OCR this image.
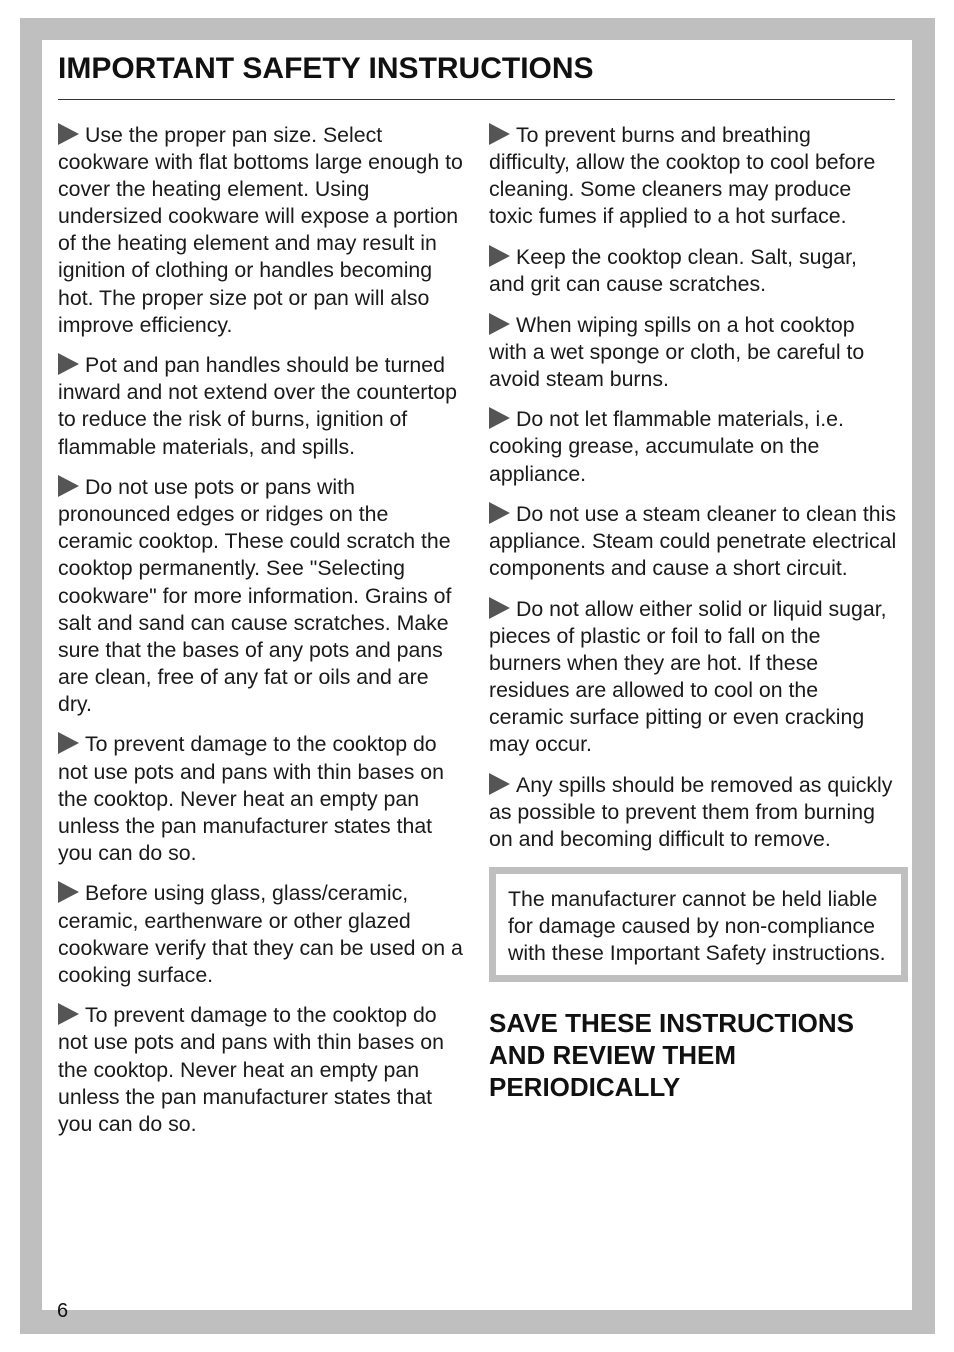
IMPORTANT SAFETY INSTRUCTIONS

Use the proper pan size. Select cookware with flat bottoms large enough to cover the heating element. Using undersized cookware will expose a portion of the heating element and may result in ignition of clothing or handles becoming hot. The proper size pot or pan will also improve efficiency.

Pot and pan handles should be turned inward and not extend over the countertop to reduce the risk of burns, ignition of flammable materials, and spills.

Do not use pots or pans with pronounced edges or ridges on the ceramic cooktop. These could scratch the cooktop permanently. See "Selecting cookware" for more information. Grains of salt and sand can cause scratches. Make sure that the bases of any pots and pans are clean, free of any fat or oils and are dry.

To prevent damage to the cooktop do not use pots and pans with thin bases on the cooktop. Never heat an empty pan unless the pan manufacturer states that you can do so.

Before using glass, glass/ceramic, ceramic, earthenware or other glazed cookware verify that they can be used on a cooking surface.

To prevent damage to the cooktop do not use pots and pans with thin bases on the cooktop. Never heat an empty pan unless the pan manufacturer states that you can do so.

To prevent burns and breathing difficulty, allow the cooktop to cool before cleaning. Some cleaners may produce toxic fumes if applied to a hot surface.

Keep the cooktop clean. Salt, sugar, and grit can cause scratches.

When wiping spills on a hot cooktop with a wet sponge or cloth, be careful to avoid steam burns.

Do not let flammable materials, i.e. cooking grease, accumulate on the appliance.

Do not use a steam cleaner to clean this appliance. Steam could penetrate electrical components and cause a short circuit.

Do not allow either solid or liquid sugar, pieces of plastic or foil to fall on the burners when they are hot. If these residues are allowed to cool on the ceramic surface pitting or even cracking may occur.

Any spills should be removed as quickly as possible to prevent them from burning on and becoming difficult to remove.

The manufacturer cannot be held liable for damage caused by non-compliance with these Important Safety instructions.

SAVE THESE INSTRUCTIONS AND REVIEW THEM PERIODICALLY
6
